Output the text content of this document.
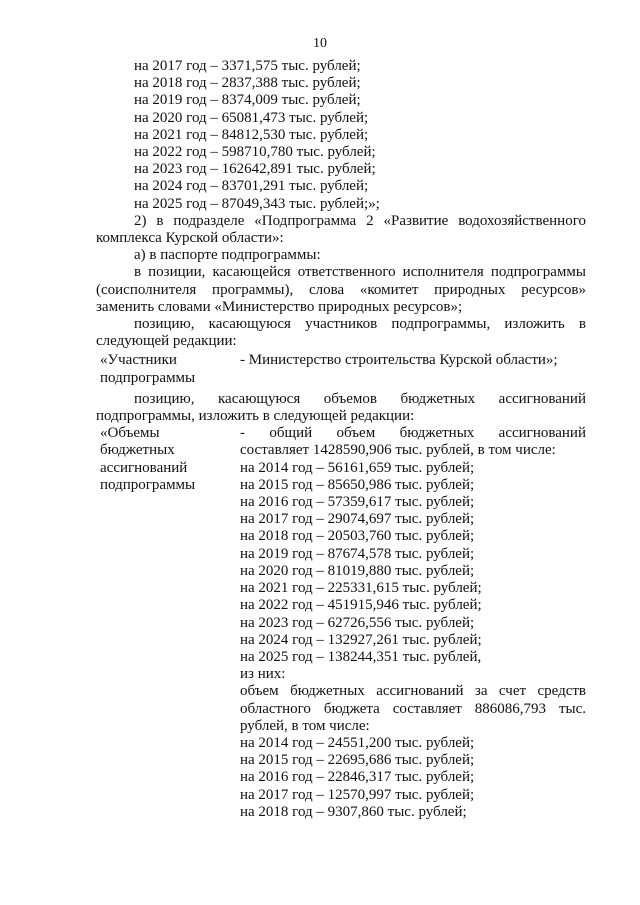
10
на 2017 год – 3371,575 тыс. рублей;
на 2018 год – 2837,388 тыс. рублей;
на 2019 год – 8374,009 тыс. рублей;
на 2020 год – 65081,473 тыс. рублей;
на 2021 год – 84812,530 тыс. рублей;
на 2022 год – 598710,780 тыс. рублей;
на 2023 год – 162642,891 тыс. рублей;
на 2024 год – 83701,291 тыс. рублей;
на 2025 год – 87049,343 тыс. рублей;»;
2) в подразделе «Подпрограмма 2 «Развитие водохозяйственного
комплекса Курской области»:
а) в паспорте подпрограммы:
в позиции, касающейся ответственного исполнителя подпрограммы
(соисполнителя программы), слова «комитет природных ресурсов»
заменить словами «Министерство природных ресурсов»;
позицию, касающуюся участников подпрограммы, изложить в
следующей редакции:
«Участники
подпрограммы
- Министерство строительства Курской области»;
позицию, касающуюся объемов бюджетных ассигнований
подпрограммы, изложить в следующей редакции:
«Объемы
бюджетных
ассигнований
подпрограммы
- общий объем бюджетных ассигнований
составляет 1428590,906 тыс. рублей, в том числе:
на 2014 год – 56161,659 тыс. рублей;
на 2015 год – 85650,986 тыс. рублей;
на 2016 год – 57359,617 тыс. рублей;
на 2017 год – 29074,697 тыс. рублей;
на 2018 год – 20503,760 тыс. рублей;
на 2019 год – 87674,578 тыс. рублей;
на 2020 год – 81019,880 тыс. рублей;
на 2021 год – 225331,615 тыс. рублей;
на 2022 год – 451915,946 тыс. рублей;
на 2023 год – 62726,556 тыс. рублей;
на 2024 год – 132927,261 тыс. рублей;
на 2025 год – 138244,351 тыс. рублей,
из них:
объем бюджетных ассигнований за счет средств
областного бюджета составляет 886086,793 тыс.
рублей, в том числе:
на 2014 год – 24551,200 тыс. рублей;
на 2015 год – 22695,686 тыс. рублей;
на 2016 год – 22846,317 тыс. рублей;
на 2017 год – 12570,997 тыс. рублей;
на 2018 год – 9307,860 тыс. рублей;
